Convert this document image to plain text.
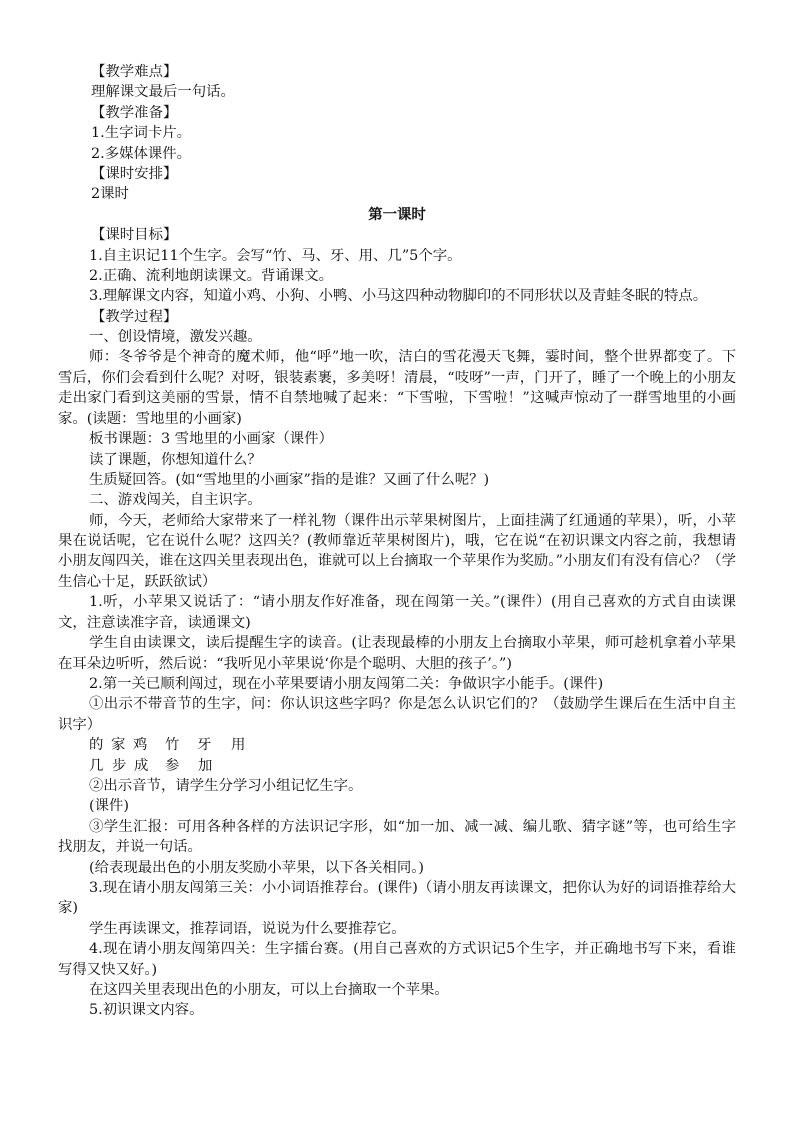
【教学难点】
理解课文最后一句话。
【教学准备】
1.生字词卡片。
2.多媒体课件。
【课时安排】
2课时
第一课时
【课时目标】
1.自主识记11个生字。会写“竹、马、牙、用、几”5个字。
2.正确、流利地朗读课文。背诵课文。
3.理解课文内容，知道小鸡、小狗、小鸭、小马这四种动物脚印的不同形状以及青蛙冬眠的特点。
【教学过程】
一、创设情境，激发兴趣。
师：冬爷爷是个神奇的魔术师，他“呼”地一吹，洁白的雪花漫天飞舞，霎时间，整个世界都变了。下雪后，你们会看到什么呢？对呀，银装素裹，多美呀！清晨，“吱呀”一声，门开了，睡了一个晚上的小朋友走出家门看到这美丽的雪景，情不自禁地喊了起来：“下雪啦，下雪啦！”这喊声惊动了一群雪地里的小画家。(读题：雪地里的小画家)
板书课题：3 雪地里的小画家（课件）
读了课题，你想知道什么？
生质疑回答。(如“雪地里的小画家”指的是谁？又画了什么呢？)
二、游戏闯关，自主识字。
师，今天，老师给大家带来了一样礼物（课件出示苹果树图片，上面挂满了红通通的苹果），听，小苹果在说话呢，它在说什么呢？这四关？(教师靠近苹果树图片)，哦，它在说“在初识课文内容之前，我想请小朋友闯四关，谁在这四关里表现出色，谁就可以上台摘取一个苹果作为奖励。”小朋友们有没有信心？（学生信心十足，跃跃欲试）
1.听，小苹果又说话了：“请小朋友作好准备，现在闯第一关。”(课件）(用自己喜欢的方式自由读课文，注意读准字音，读通课文)
学生自由读课文，读后提醒生字的读音。(让表现最棒的小朋友上台摘取小苹果，师可趁机拿着小苹果在耳朵边听听，然后说：“我听见小苹果说‘你是个聪明、大胆的孩子’。”)
2.第一关已顺利闯过，现在小苹果要请小朋友闯第二关：争做识字小能手。(课件)
①出示不带音节的生字，问：你认识这些字吗？你是怎么认识它们的？（鼓励学生课后在生活中自主识字）
的 家 鸡 竹 牙 用
几 步 成 参 加
②出示音节，请学生分学习小组记忆生字。
(课件)
③学生汇报：可用各种各样的方法识记字形，如“加一加、减一减、编儿歌、猜字谜”等，也可给生字找朋友，并说一句话。
(给表现最出色的小朋友奖励小苹果，以下各关相同。)
3.现在请小朋友闯第三关：小小词语推荐台。(课件)（请小朋友再读课文，把你认为好的词语推荐给大家)
学生再读课文，推荐词语，说说为什么要推荐它。
4.现在请小朋友闯第四关：生字擂台赛。(用自己喜欢的方式识记5个生字，并正确地书写下来，看谁写得又快又好。)
在这四关里表现出色的小朋友，可以上台摘取一个苹果。
5.初识课文内容。
